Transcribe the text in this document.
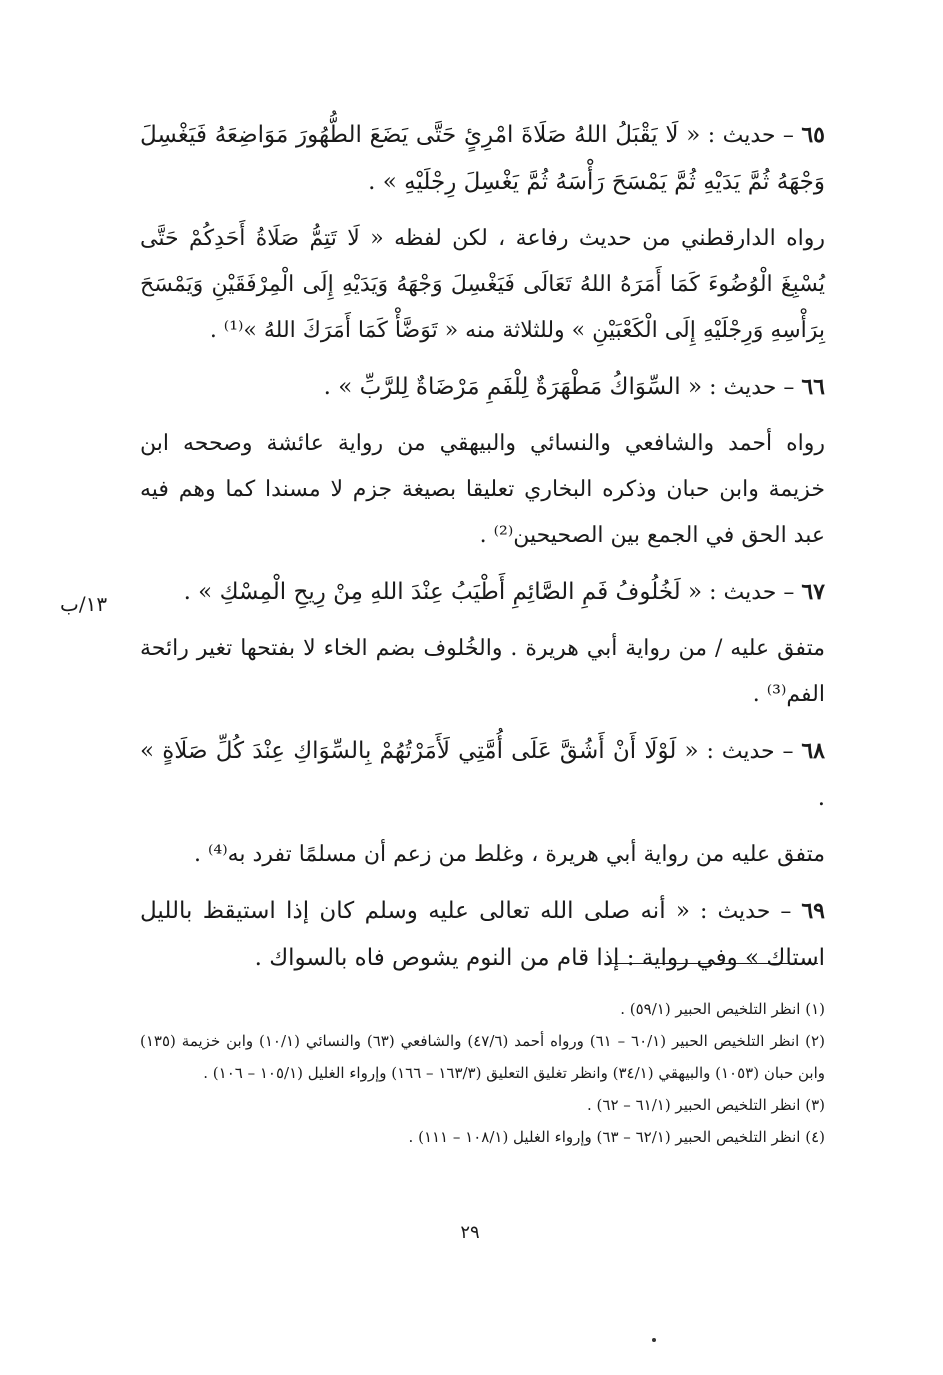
٦٥ – حديث : « لَا يَقْبَلُ اللهُ صَلَاةَ امْرِئٍ حَتَّى يَضَعَ الطُّهُورَ مَوَاضِعَهُ فَيَغْسِلَ وَجْهَهُ ثُمَّ يَدَيْهِ ثُمَّ يَمْسَحَ رَأْسَهُ ثُمَّ يَغْسِلَ رِجْلَيْهِ » .

رواه الدارقطني من حديث رفاعة ، لكن لفظه « لَا تَتِمُّ صَلَاةُ أَحَدِكُمْ حَتَّى يُسْبِغَ الْوُضُوءَ كَمَا أَمَرَهُ اللهُ تَعَالَى فَيَغْسِلَ وَجْهَهُ وَيَدَيْهِ إِلَى الْمِرْفَقَيْنِ وَيَمْسَحَ بِرَأْسِهِ وَرِجْلَيْهِ إِلَى الْكَعْبَيْنِ » وللثلاثة منه « تَوَضَّأْ كَمَا أَمَرَكَ اللهُ »⁽¹⁾ .

٦٦ – حديث : « السِّوَاكُ مَطْهَرَةٌ لِلْفَمِ مَرْضَاةٌ لِلرَّبِّ » .

رواه أحمد والشافعي والنسائي والبيهقي من رواية عائشة وصححه ابن خزيمة وابن حبان وذكره البخاري تعليقا بصيغة جزم لا مسندا كما وهم فيه عبد الحق في الجمع بين الصحيحين⁽²⁾ .

٦٧ – حديث : « لَخُلُوفُ فَمِ الصَّائِمِ أَطْيَبُ عِنْدَ اللهِ مِنْ رِيحِ الْمِسْكِ » .

متفق عليه / من رواية أبي هريرة . والخُلوف بضم الخاء لا بفتحها تغير رائحة الفم⁽³⁾ .

٦٨ – حديث : « لَوْلَا أَنْ أَشُقَّ عَلَى أُمَّتِي لَأَمَرْتُهُمْ بِالسِّوَاكِ عِنْدَ كُلِّ صَلَاةٍ » .

متفق عليه من رواية أبي هريرة ، وغلط من زعم أن مسلمًا تفرد به⁽⁴⁾ .

٦٩ – حديث : « أنه صلى الله تعالى عليه وسلم كان إذا استيقظ بالليل استاك » وفي رواية : إذا قام من النوم يشوص فاه بالسواك .

١٣/ب

(١) انظر التلخيص الحبير (٥٩/١) .

(٢) انظر التلخيص الحبير (٦٠/١ – ٦١) ورواه أحمد (٤٧/٦) والشافعي (٦٣) والنسائي (١٠/١) وابن خزيمة (١٣٥) وابن حبان (١٠٥٣) والبيهقي (٣٤/١) وانظر تغليق التعليق (١٦٣/٣ – ١٦٦) وإرواء الغليل (١٠٥/١ – ١٠٦) .

(٣) انظر التلخيص الحبير (٦١/١ – ٦٢) .

(٤) انظر التلخيص الحبير (٦٢/١ – ٦٣) وإرواء الغليل (١٠٨/١ – ١١١) .

٢٩
